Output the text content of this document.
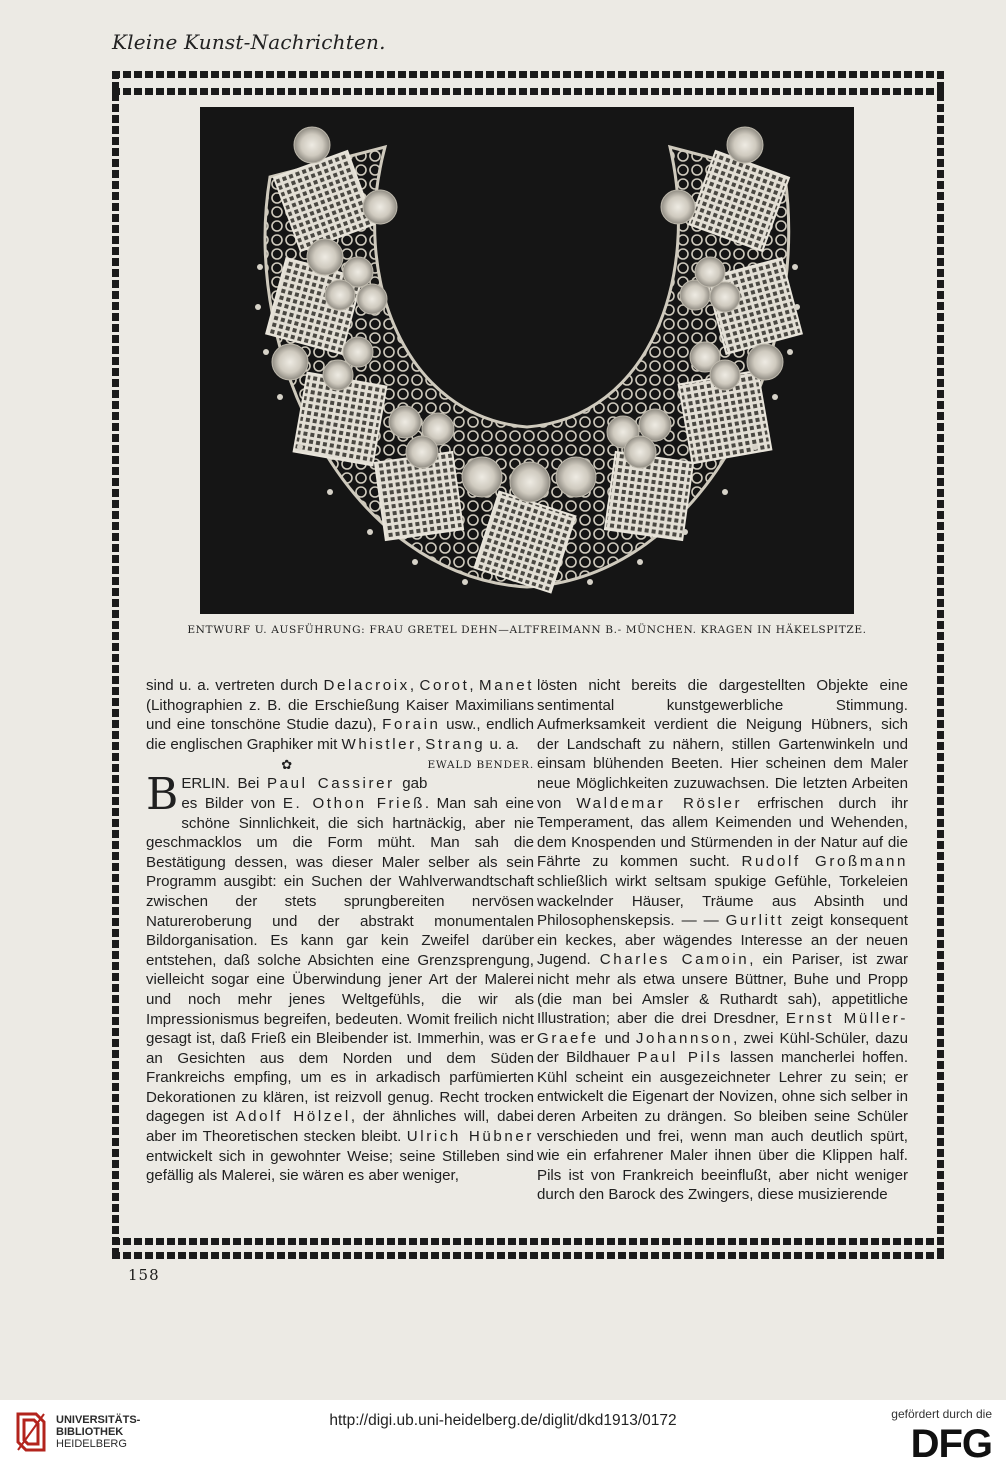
Kleine Kunst-Nachrichten.
ENTWURF U. AUSFÜHRUNG: FRAU GRETEL DEHN—ALTFREIMANN B.- MÜNCHEN. KRAGEN IN HÄKELSPITZE.

sind u. a. vertreten durch Delacroix, Corot, Manet (Lithographien z. B. die Erschießung Kaiser Maximilians und eine tonschöne Studie dazu), Forain usw., endlich die englischen Graphiker mit Whistler, Strang u. a.
EWALD BENDER.

✿

BERLIN. Bei Paul Cassirer gab es Bilder von E. Othon Frieß. Man sah eine schöne Sinnlichkeit, die sich hartnäckig, aber nie geschmacklos um die Form müht. Man sah die Bestätigung dessen, was dieser Maler selber als sein Programm ausgibt: ein Suchen der Wahlverwandtschaft zwischen der stets sprungbereiten nervösen Natureroberung und der abstrakt monumentalen Bildorganisation. Es kann gar kein Zweifel darüber entstehen, daß solche Absichten eine Grenzsprengung, vielleicht sogar eine Überwindung jener Art der Malerei und noch mehr jenes Weltgefühls, die wir als Impressionismus begreifen, bedeuten. Womit freilich nicht gesagt ist, daß Frieß ein Bleibender ist. Immerhin, was er an Gesichten aus dem Norden und dem Süden Frankreichs empfing, um es in arkadisch parfümierten Dekorationen zu klären, ist reizvoll genug. Recht trocken dagegen ist Adolf Hölzel, der ähnliches will, dabei aber im Theoretischen stecken bleibt. Ulrich Hübner entwickelt sich in gewohnter Weise; seine Stilleben sind gefällig als Malerei, sie wären es aber weniger,

lösten nicht bereits die dargestellten Objekte eine sentimental kunstgewerbliche Stimmung. Aufmerksamkeit verdient die Neigung Hübners, sich der Landschaft zu nähern, stillen Gartenwinkeln und einsam blühenden Beeten. Hier scheinen dem Maler neue Möglichkeiten zuzuwachsen. Die letzten Arbeiten von Waldemar Rösler erfrischen durch ihr Temperament, das allem Keimenden und Wehenden, dem Knospenden und Stürmenden in der Natur auf die Fährte zu kommen sucht. Rudolf Großmann schließlich wirkt seltsam spukige Gefühle, Torkeleien wackelnder Häuser, Träume aus Absinth und Philosophenskepsis. — — Gurlitt zeigt konsequent ein keckes, aber wägendes Interesse an der neuen Jugend. Charles Camoin, ein Pariser, ist zwar nicht mehr als etwa unsere Büttner, Buhe und Propp (die man bei Amsler & Ruthardt sah), appetitliche Illustration; aber die drei Dresdner, Ernst Müller-Graefe und Johannson, zwei Kühl-Schüler, dazu der Bildhauer Paul Pils lassen mancherlei hoffen. Kühl scheint ein ausgezeichneter Lehrer zu sein; er entwickelt die Eigenart der Novizen, ohne sich selber in deren Arbeiten zu drängen. So bleiben seine Schüler verschieden und frei, wenn man auch deutlich spürt, wie ein erfahrener Maler ihnen über die Klippen half. Pils ist von Frankreich beeinflußt, aber nicht weniger durch den Barock des Zwingers, diese musizierende

158
UNIVERSITÄTS-
BIBLIOTHEK
HEIDELBERG
http://digi.ub.uni-heidelberg.de/diglit/dkd1913/0172	gefördert durch die
DFG
